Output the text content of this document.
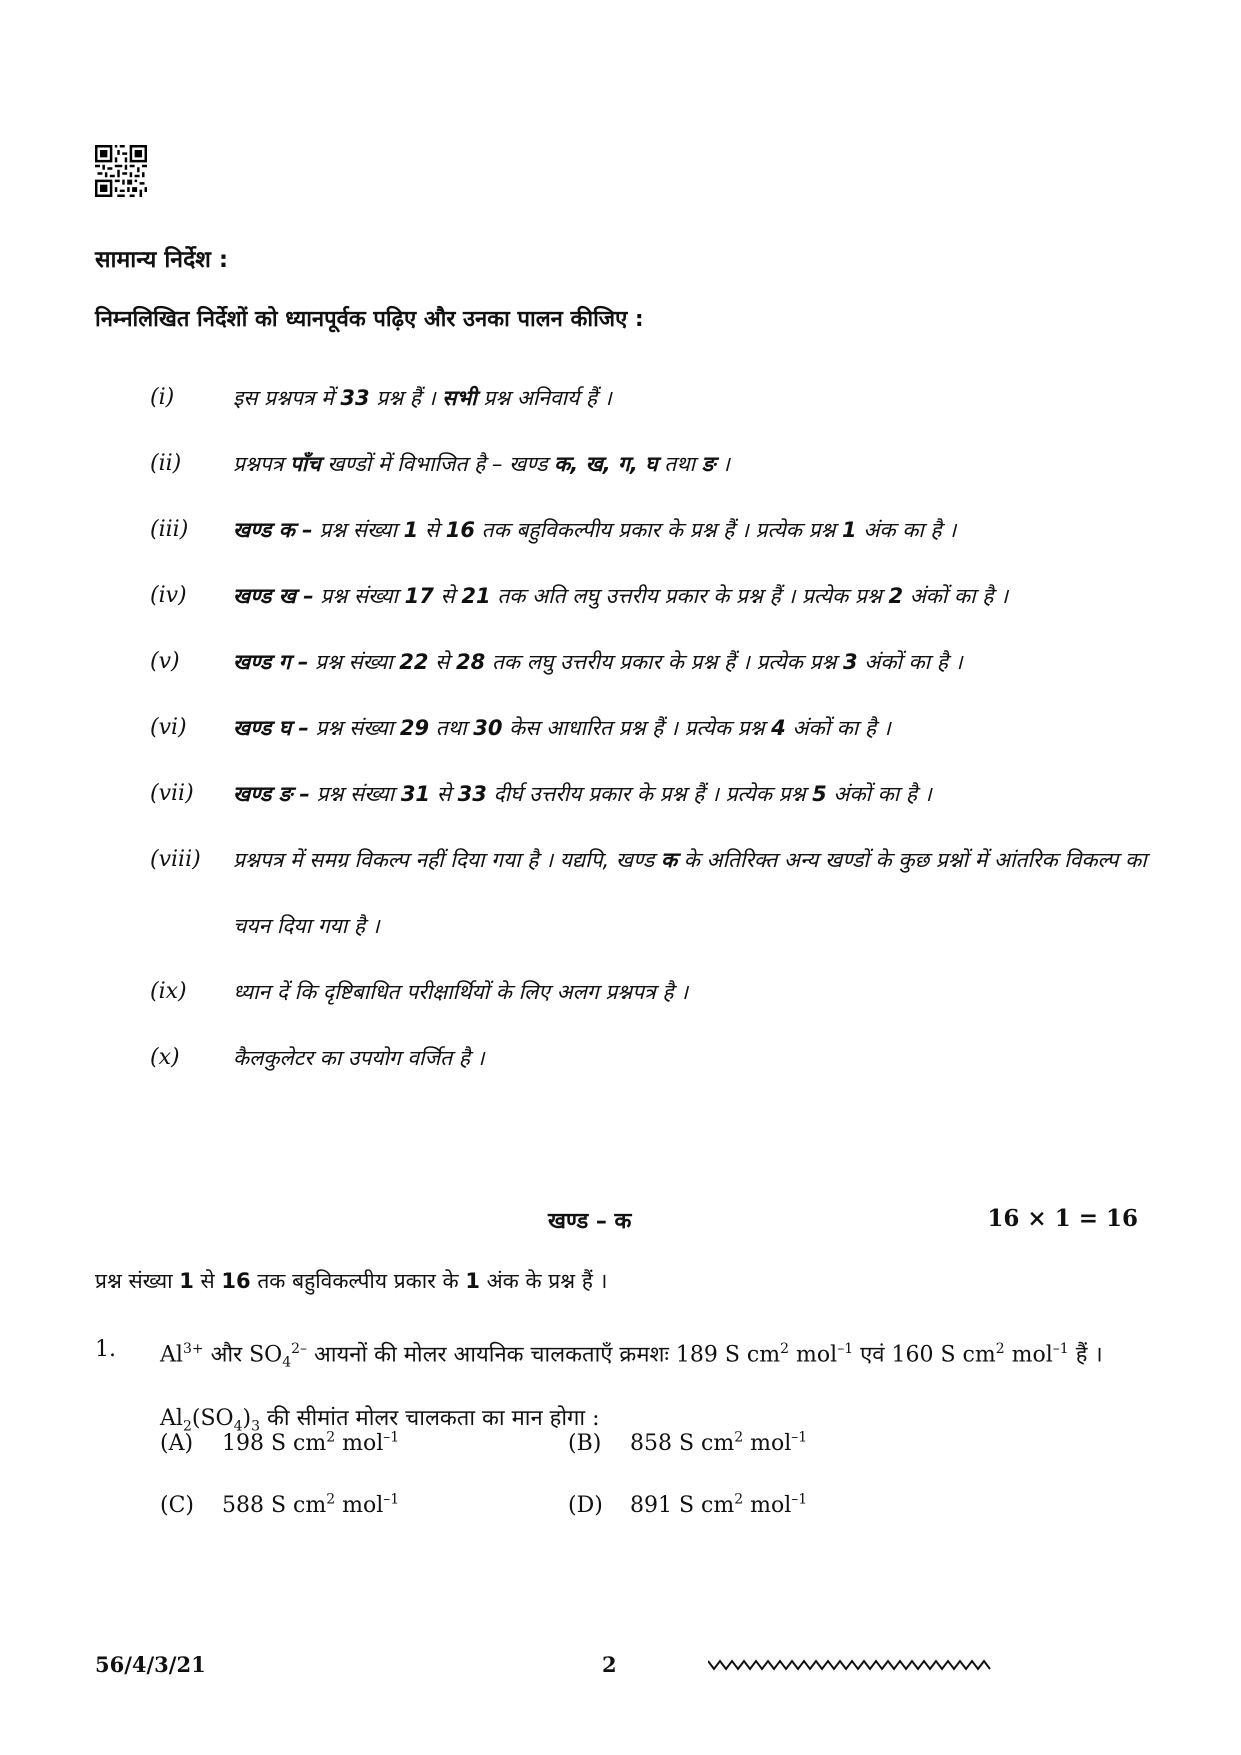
सामान्य निर्देश :
निम्नलिखित निर्देशों को ध्यानपूर्वक पढ़िए और उनका पालन कीजिए :
(i)	इस प्रश्नपत्र में 33 प्रश्न हैं । सभी प्रश्न अनिवार्य हैं ।
(ii)	प्रश्नपत्र पाँच खण्डों में विभाजित है – खण्ड क, ख, ग, घ तथा ङ ।
(iii)	खण्ड क – प्रश्न संख्या 1 से 16 तक बहुविकल्पीय प्रकार के प्रश्न हैं । प्रत्येक प्रश्न 1 अंक का है ।
(iv)	खण्ड ख – प्रश्न संख्या 17 से 21 तक अति लघु उत्तरीय प्रकार के प्रश्न हैं । प्रत्येक प्रश्न 2 अंकों का है ।
(v)	खण्ड ग – प्रश्न संख्या 22 से 28 तक लघु उत्तरीय प्रकार के प्रश्न हैं । प्रत्येक प्रश्न 3 अंकों का है ।
(vi)	खण्ड घ – प्रश्न संख्या 29 तथा 30 केस आधारित प्रश्न हैं । प्रत्येक प्रश्न 4 अंकों का है ।
(vii)	खण्ड ङ – प्रश्न संख्या 31 से 33 दीर्घ उत्तरीय प्रकार के प्रश्न हैं । प्रत्येक प्रश्न 5 अंकों का है ।
(viii)	प्रश्नपत्र में समग्र विकल्प नहीं दिया गया है । यद्यपि, खण्ड क के अतिरिक्त अन्य खण्डों के कुछ प्रश्नों में आंतरिक विकल्प का चयन दिया गया है ।
(ix)	ध्यान दें कि दृष्टिबाधित परीक्षार्थियों के लिए अलग प्रश्नपत्र है ।
(x)	कैलकुलेटर का उपयोग वर्जित है ।
खण्ड – क	16 × 1 = 16
प्रश्न संख्या 1 से 16 तक बहुविकल्पीय प्रकार के 1 अंक के प्रश्न हैं ।
1. $Al^{3+}$ और $SO_4^{2-}$ आयनों की मोलर आयनिक चालकताएँ क्रमशः 189 S $cm^2$ mol$^{-1}$ एवं 160 S $cm^2$ mol$^{-1}$ हैं । $Al_2(SO_4)_3$ की सीमांत मोलर चालकता का मान होगा :
(A) 198 S $cm^2$ mol$^{-1}$	(B) 858 S $cm^2$ mol$^{-1}$
(C) 588 S $cm^2$ mol$^{-1}$	(D) 891 S $cm^2$ mol$^{-1}$
56/4/3/21	2
